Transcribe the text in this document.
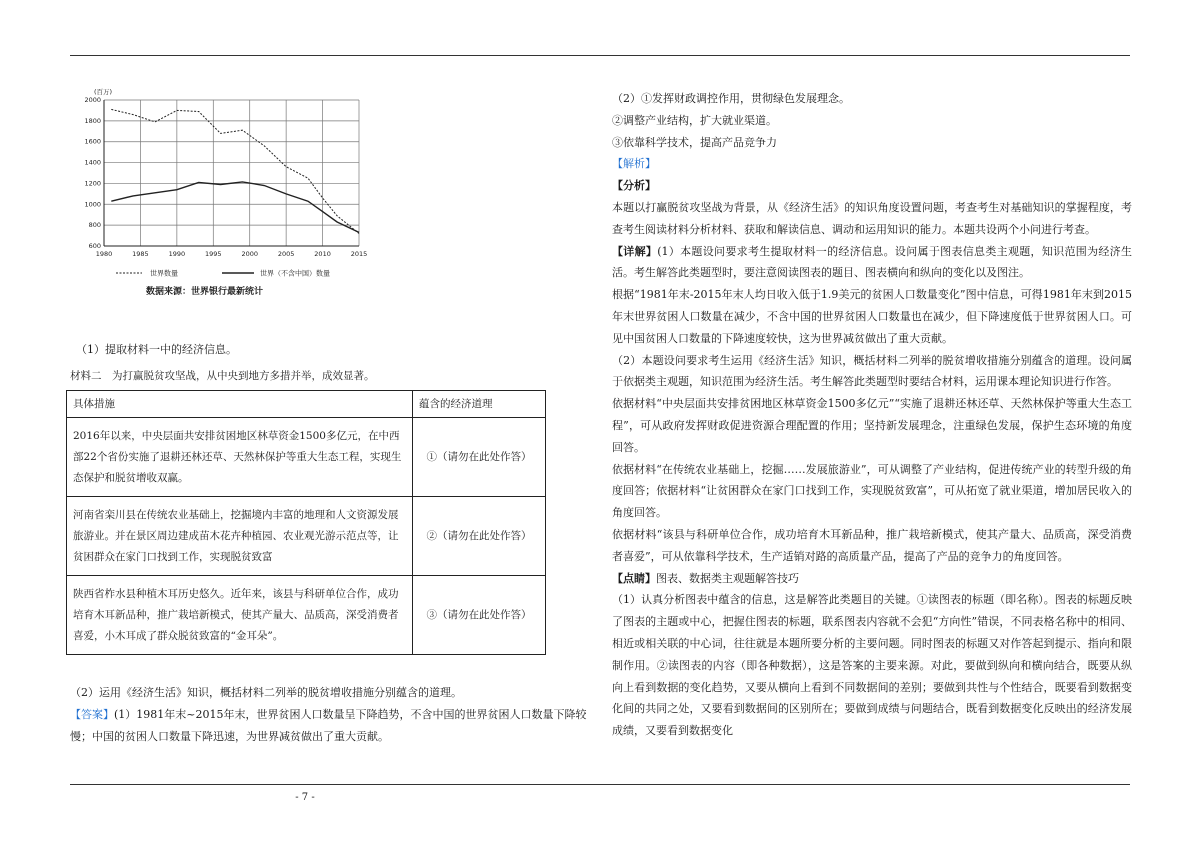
(百万)
2000
1800
1600
1400
1200
1000
800
600
1980	1985	1990	1995	2000	2005	2010	2015
世界数量	世界（不含中国）数量
数据来源：世界银行最新统计

（1）提取材料一中的经济信息。

材料二　为打赢脱贫攻坚战，从中央到地方多措并举，成效显著。

具体措施	蕴含的经济道理
2016年以来，中央层面共安排贫困地区林草资金1500多亿元，在中西部22个省份实施了退耕还林还草、天然林保护等重大生态工程，实现生态保护和脱贫增收双赢。	①（请勿在此处作答）
河南省栾川县在传统农业基础上，挖掘境内丰富的地理和人文资源发展旅游业。并在景区周边建成苗木花卉种植园、农业观光游示范点等，让贫困群众在家门口找到工作，实现脱贫致富	②（请勿在此处作答）
陕西省柞水县种植木耳历史悠久。近年来，该县与科研单位合作，成功培育木耳新品种，推广栽培新模式，使其产量大、品质高，深受消费者喜爱，小木耳成了群众脱贫致富的“金耳朵”。	③（请勿在此处作答）

（2）运用《经济生活》知识，概括材料二列举的脱贫增收措施分别蕴含的道理。

【答案】(1）1981年末~2015年末，世界贫困人口数量呈下降趋势，不含中国的世界贫困人口数量下降较慢；中国的贫困人口数量下降迅速，为世界减贫做出了重大贡献。

（2）①发挥财政调控作用，贯彻绿色发展理念。

②调整产业结构，扩大就业渠道。

③依靠科学技术，提高产品竞争力

【解析】

【分析】

本题以打赢脱贫攻坚战为背景，从《经济生活》的知识角度设置问题，考查考生对基础知识的掌握程度，考查考生阅读材料分析材料、获取和解读信息、调动和运用知识的能力。本题共设两个小问进行考查。

【详解】(1）本题设问要求考生提取材料一的经济信息。设问属于图表信息类主观题，知识范围为经济生活。考生解答此类题型时，要注意阅读图表的题目、图表横向和纵向的变化以及图注。

根据“1981年末-2015年末人均日收入低于1.9美元的贫困人口数量变化”图中信息，可得1981年末到2015年末世界贫困人口数量在减少，不含中国的世界贫困人口数量也在减少，但下降速度低于世界贫困人口。可见中国贫困人口数量的下降速度较快，这为世界减贫做出了重大贡献。

（2）本题设问要求考生运用《经济生活》知识，概括材料二列举的脱贫增收措施分别蕴含的道理。设问属于依据类主观题，知识范围为经济生活。考生解答此类题型时要结合材料，运用课本理论知识进行作答。

依据材料“中央层面共安排贫困地区林草资金1500多亿元”“实施了退耕还林还草、天然林保护等重大生态工程”，可从政府发挥财政促进资源合理配置的作用；坚持新发展理念，注重绿色发展，保护生态环境的角度回答。

依据材料“在传统农业基础上，挖掘……发展旅游业”，可从调整了产业结构，促进传统产业的转型升级的角度回答；依据材料“让贫困群众在家门口找到工作，实现脱贫致富”，可从拓宽了就业渠道，增加居民收入的角度回答。

依据材料“该县与科研单位合作，成功培育木耳新品种，推广栽培新模式，使其产量大、品质高，深受消费者喜爱”，可从依靠科学技术，生产适销对路的高质量产品，提高了产品的竞争力的角度回答。

【点睛】图表、数据类主观题解答技巧

（1）认真分析图表中蕴含的信息，这是解答此类题目的关键。①读图表的标题（即名称）。图表的标题反映了图表的主题或中心，把握住图表的标题，联系图表内容就不会犯“方向性”错误，不同表格名称中的相同、相近或相关联的中心词，往往就是本题所要分析的主要问题。同时图表的标题又对作答起到提示、指向和限制作用。②读图表的内容（即各种数据），这是答案的主要来源。对此，要做到纵向和横向结合，既要从纵向上看到数据的变化趋势，又要从横向上看到不同数据间的差别；要做到共性与个性结合，既要看到数据变化间的共同之处，又要看到数据间的区别所在；要做到成绩与问题结合，既看到数据变化反映出的经济发展成绩，又要看到数据变化

- 7 -
